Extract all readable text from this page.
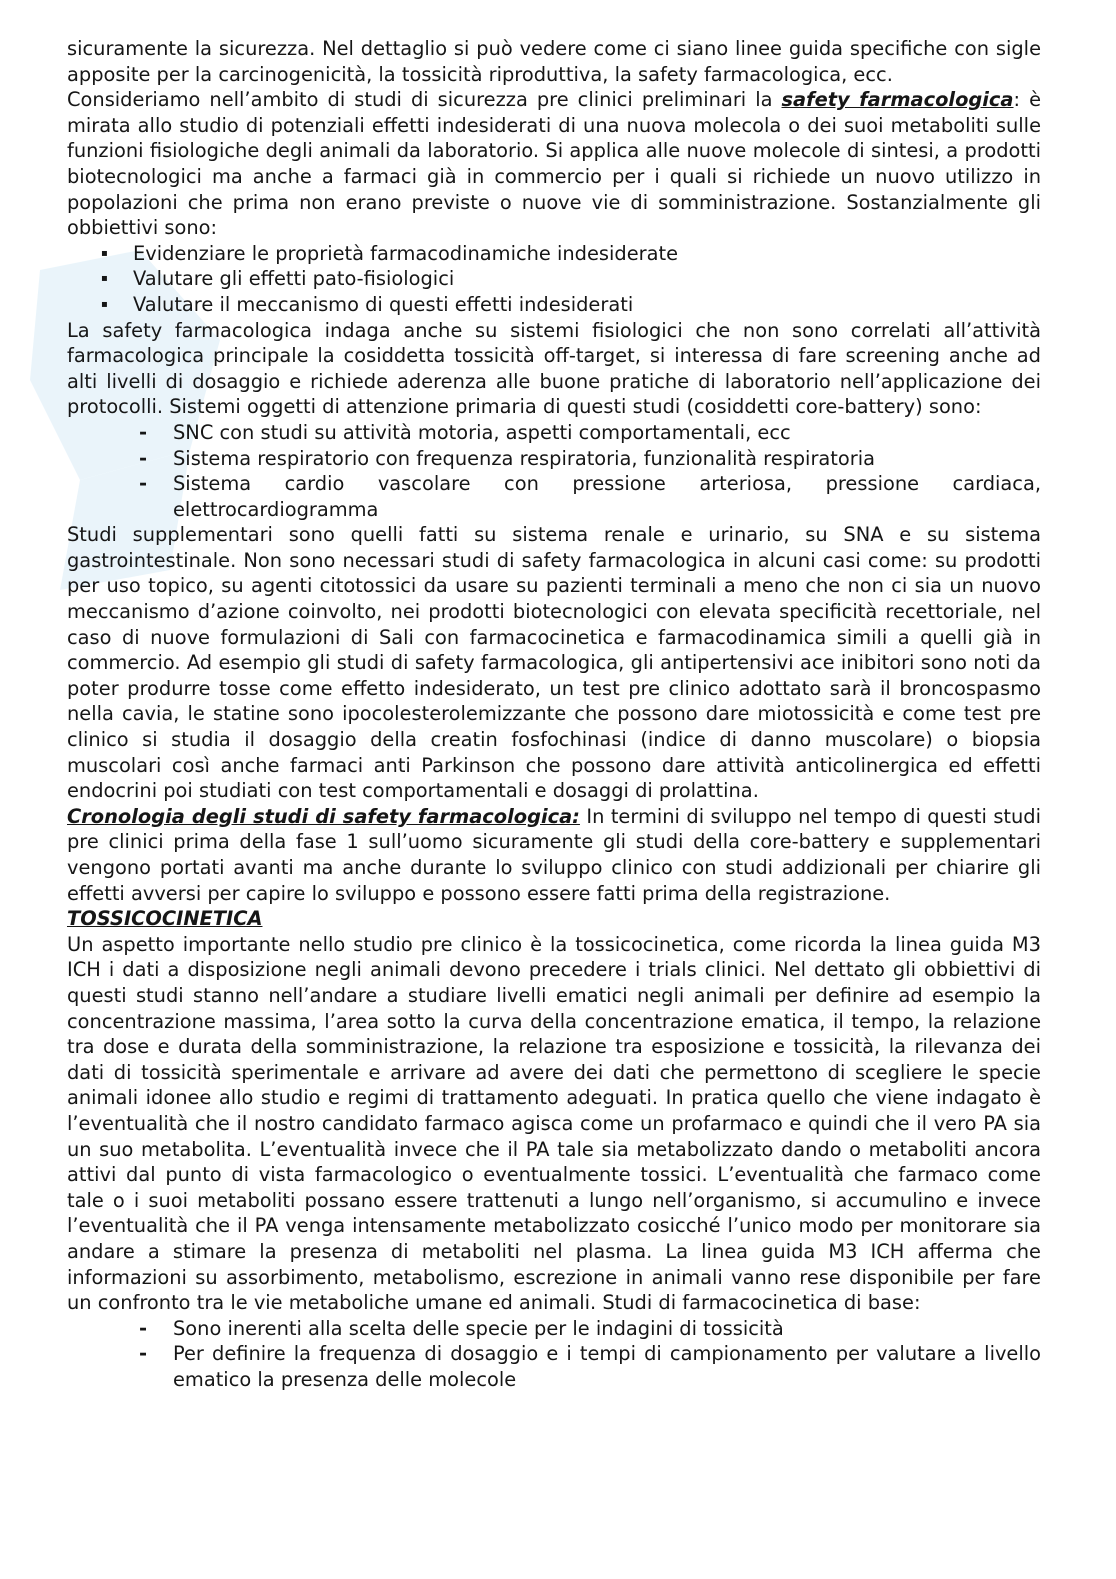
sicuramente la sicurezza. Nel dettaglio si può vedere come ci siano linee guida specifiche con sigle apposite per la carcinogenicità, la tossicità riproduttiva, la safety farmacologica, ecc.

Consideriamo nell’ambito di studi di sicurezza pre clinici preliminari la safety farmacologica: è mirata allo studio di potenziali effetti indesiderati di una nuova molecola o dei suoi metaboliti sulle funzioni fisiologiche degli animali da laboratorio. Si applica alle nuove molecole di sintesi, a prodotti biotecnologici ma anche a farmaci già in commercio per i quali si richiede un nuovo utilizzo in popolazioni che prima non erano previste o nuove vie di somministrazione. Sostanzialmente gli obbiettivi sono:

▪ Evidenziare le proprietà farmacodinamiche indesiderate
▪ Valutare gli effetti pato-fisiologici
▪ Valutare il meccanismo di questi effetti indesiderati

La safety farmacologica indaga anche su sistemi fisiologici che non sono correlati all’attività farmacologica principale la cosiddetta tossicità off-target, si interessa di fare screening anche ad alti livelli di dosaggio e richiede aderenza alle buone pratiche di laboratorio nell’applicazione dei protocolli. Sistemi oggetti di attenzione primaria di questi studi (cosiddetti core-battery) sono:

- SNC con studi su attività motoria, aspetti comportamentali, ecc
- Sistema respiratorio con frequenza respiratoria, funzionalità respiratoria
- Sistema cardio vascolare con pressione arteriosa, pressione cardiaca, elettrocardiogramma

Studi supplementari sono quelli fatti su sistema renale e urinario, su SNA e su sistema gastrointestinale. Non sono necessari studi di safety farmacologica in alcuni casi come: su prodotti per uso topico, su agenti citotossici da usare su pazienti terminali a meno che non ci sia un nuovo meccanismo d’azione coinvolto, nei prodotti biotecnologici con elevata specificità recettoriale, nel caso di nuove formulazioni di Sali con farmacocinetica e farmacodinamica simili a quelli già in commercio. Ad esempio gli studi di safety farmacologica, gli antipertensivi ace inibitori sono noti da poter produrre tosse come effetto indesiderato, un test pre clinico adottato sarà il broncospasmo nella cavia, le statine sono ipocolesterolemizzante che possono dare miotossicità e come test pre clinico si studia il dosaggio della creatin fosfochinasi (indice di danno muscolare) o biopsia muscolari così anche farmaci anti Parkinson che possono dare attività anticolinergica ed effetti endocrini poi studiati con test comportamentali e dosaggi di prolattina.

Cronologia degli studi di safety farmacologica: In termini di sviluppo nel tempo di questi studi pre clinici prima della fase 1 sull’uomo sicuramente gli studi della core-battery e supplementari vengono portati avanti ma anche durante lo sviluppo clinico con studi addizionali per chiarire gli effetti avversi per capire lo sviluppo e possono essere fatti prima della registrazione.

TOSSICOCINETICA

Un aspetto importante nello studio pre clinico è la tossicocinetica, come ricorda la linea guida M3 ICH i dati a disposizione negli animali devono precedere i trials clinici. Nel dettato gli obbiettivi di questi studi stanno nell’andare a studiare livelli ematici negli animali per definire ad esempio la concentrazione massima, l’area sotto la curva della concentrazione ematica, il tempo, la relazione tra dose e durata della somministrazione, la relazione tra esposizione e tossicità, la rilevanza dei dati di tossicità sperimentale e arrivare ad avere dei dati che permettono di scegliere le specie animali idonee allo studio e regimi di trattamento adeguati. In pratica quello che viene indagato è l’eventualità che il nostro candidato farmaco agisca come un profarmaco e quindi che il vero PA sia un suo metabolita. L’eventualità invece che il PA tale sia metabolizzato dando o metaboliti ancora attivi dal punto di vista farmacologico o eventualmente tossici. L’eventualità che farmaco come tale o i suoi metaboliti possano essere trattenuti a lungo nell’organismo, si accumulino e invece l’eventualità che il PA venga intensamente metabolizzato cosicché l’unico modo per monitorare sia andare a stimare la presenza di metaboliti nel plasma. La linea guida M3 ICH afferma che informazioni su assorbimento, metabolismo, escrezione in animali vanno rese disponibile per fare un confronto tra le vie metaboliche umane ed animali. Studi di farmacocinetica di base:

- Sono inerenti alla scelta delle specie per le indagini di tossicità
- Per definire la frequenza di dosaggio e i tempi di campionamento per valutare a livello ematico la presenza delle molecole
